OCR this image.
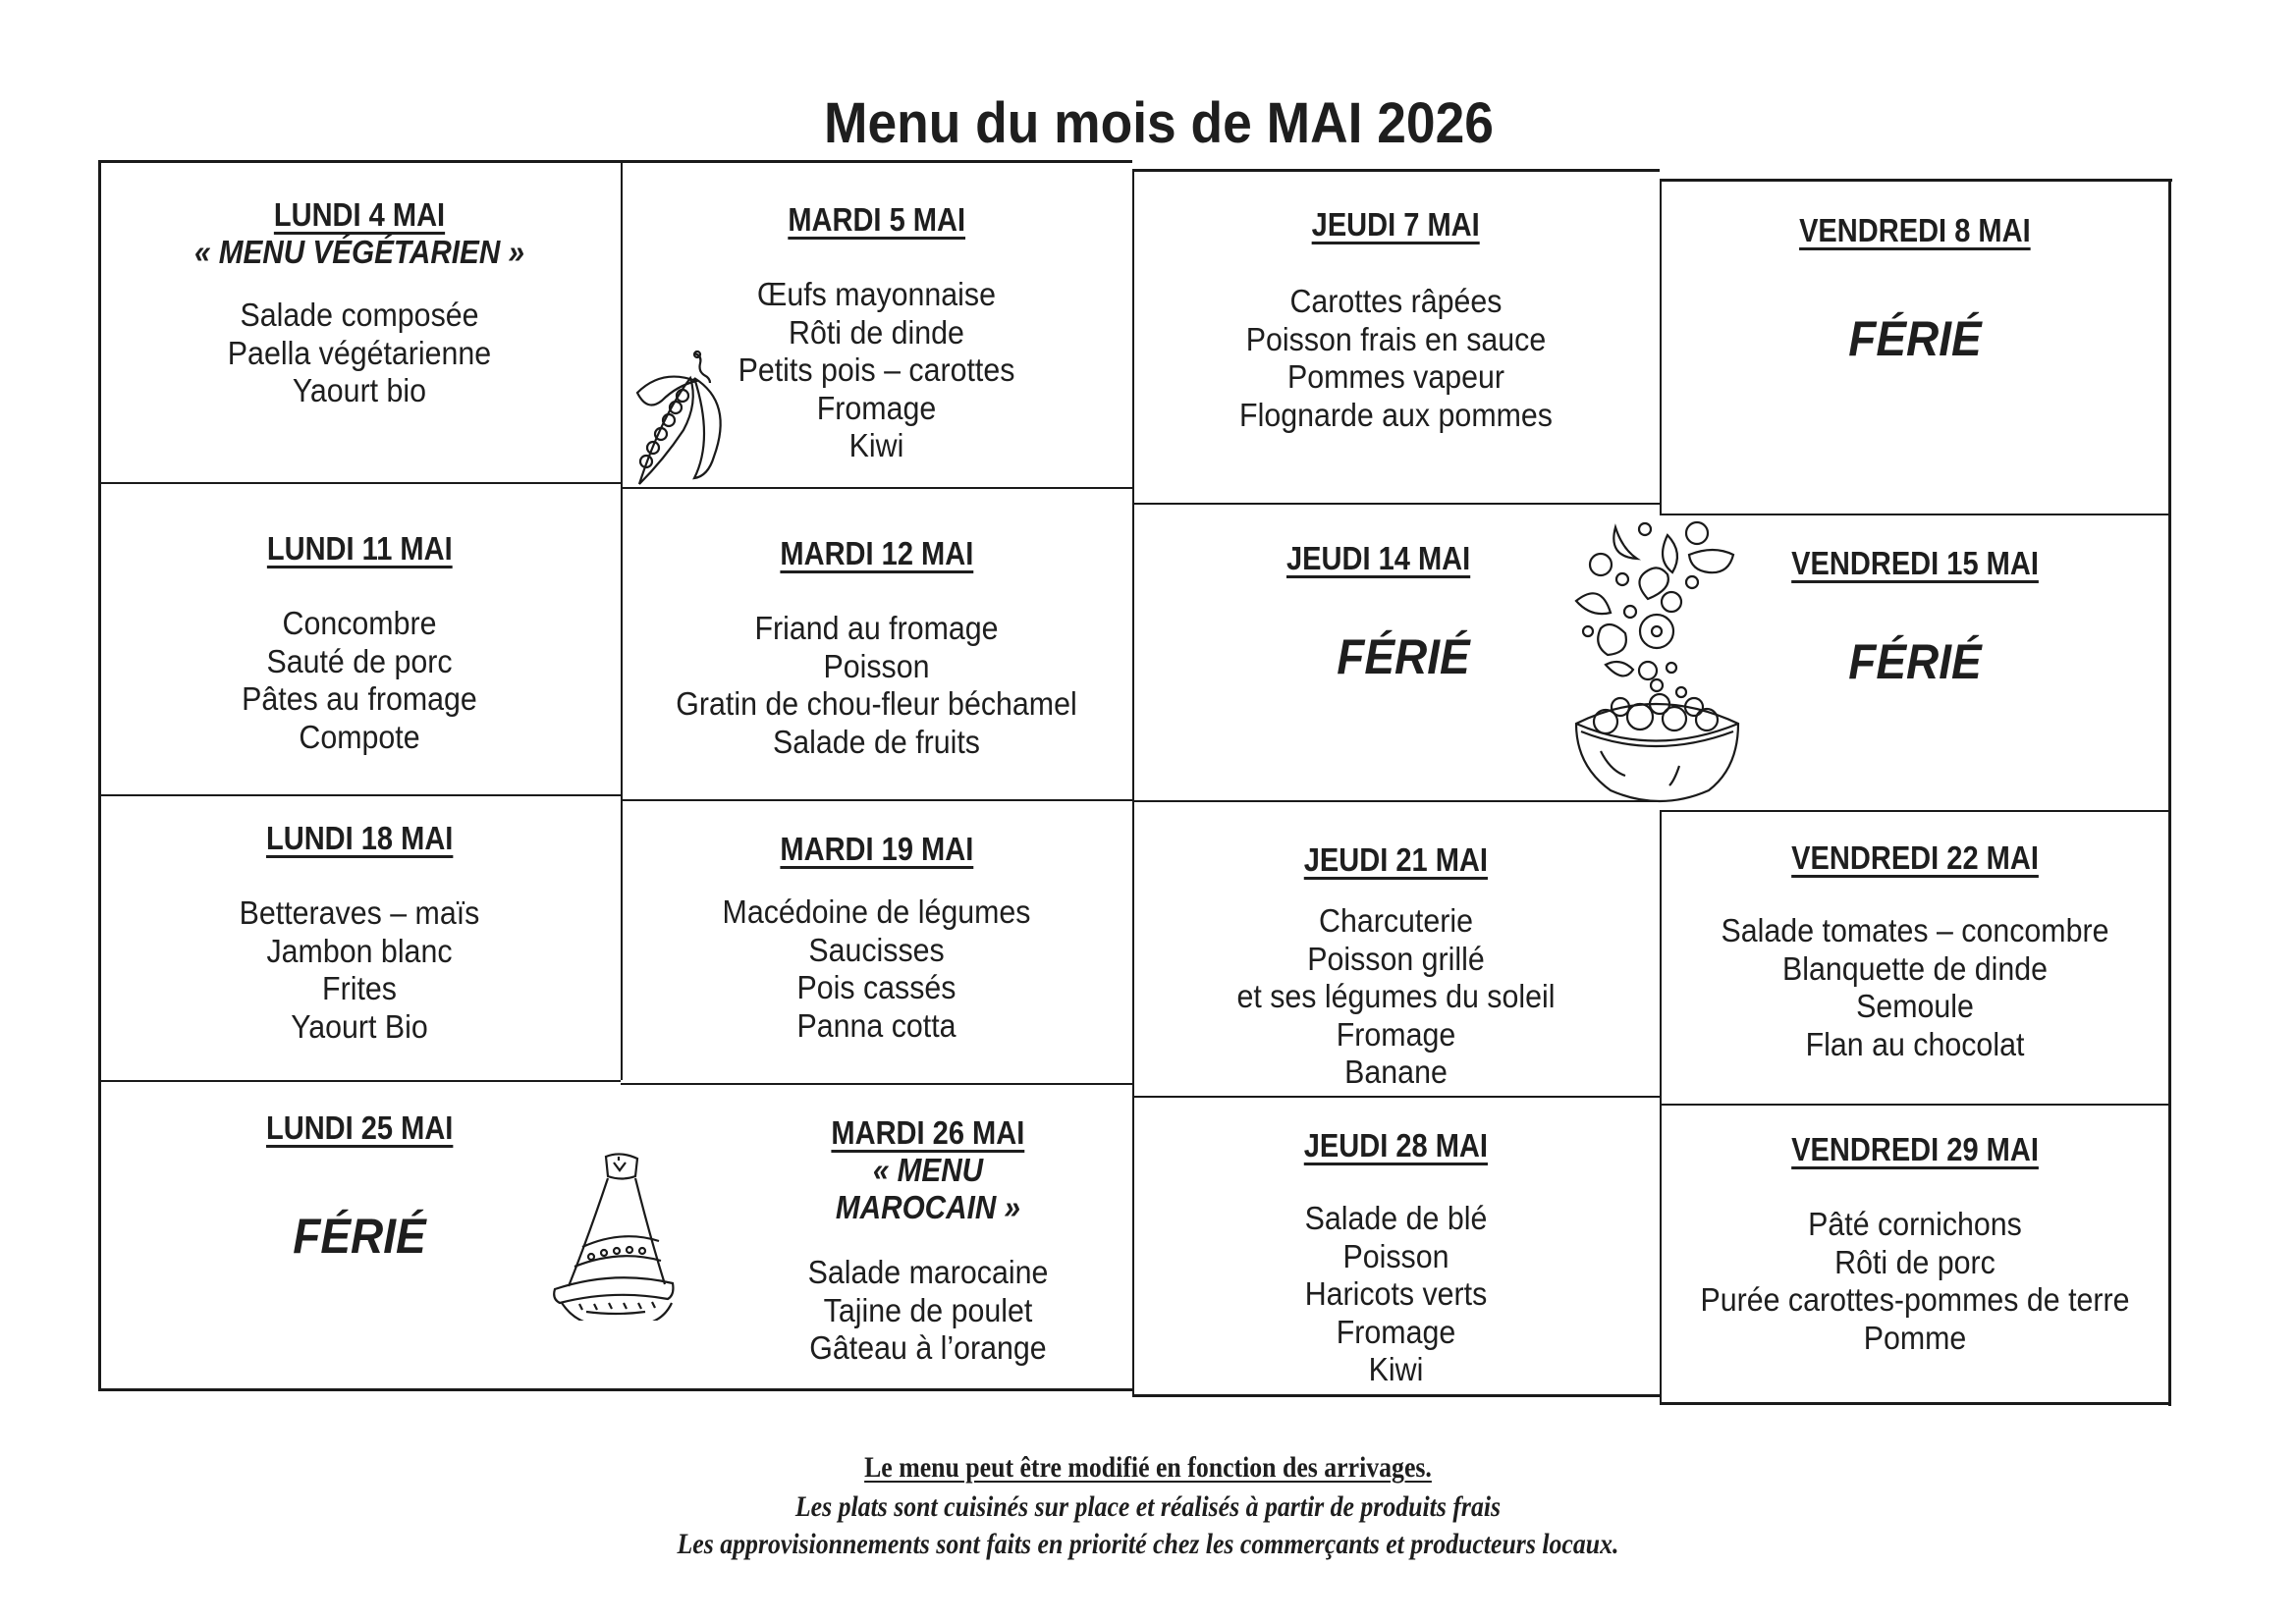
Menu du mois de MAI 2026
LUNDI 4 MAI
« MENU VÉGÉTARIEN »
Salade composée
Paella végétarienne
Yaourt bio
MARDI 5 MAI
Œufs mayonnaise
Rôti de dinde
Petits pois – carottes
Fromage
Kiwi
JEUDI 7 MAI
Carottes râpées
Poisson frais en sauce
Pommes vapeur
Flognarde aux pommes
VENDREDI 8 MAI
FÉRIÉ
LUNDI 11 MAI
Concombre
Sauté de porc
Pâtes au fromage
Compote
MARDI 12 MAI
Friand au fromage
Poisson
Gratin de chou-fleur béchamel
Salade de fruits
JEUDI 14 MAI
FÉRIÉ
VENDREDI 15 MAI
FÉRIÉ
LUNDI 18 MAI
Betteraves – maïs
Jambon blanc
Frites
Yaourt Bio
MARDI 19 MAI
Macédoine de légumes
Saucisses
Pois cassés
Panna cotta
JEUDI 21 MAI
Charcuterie
Poisson grillé
et ses légumes du soleil
Fromage
Banane
VENDREDI 22 MAI
Salade tomates – concombre
Blanquette de dinde
Semoule
Flan au chocolat
LUNDI 25 MAI
FÉRIÉ
MARDI 26 MAI
« MENU MAROCAIN »
Salade marocaine
Tajine de poulet
Gâteau à l’orange
JEUDI 28 MAI
Salade de blé
Poisson
Haricots verts
Fromage
Kiwi
VENDREDI 29 MAI
Pâté cornichons
Rôti de porc
Purée carottes-pommes de terre
Pomme
Le menu peut être modifié en fonction des arrivages.
Les plats sont cuisinés sur place et réalisés à partir de produits frais
Les approvisionnements sont faits en priorité chez les commerçants et producteurs locaux.
